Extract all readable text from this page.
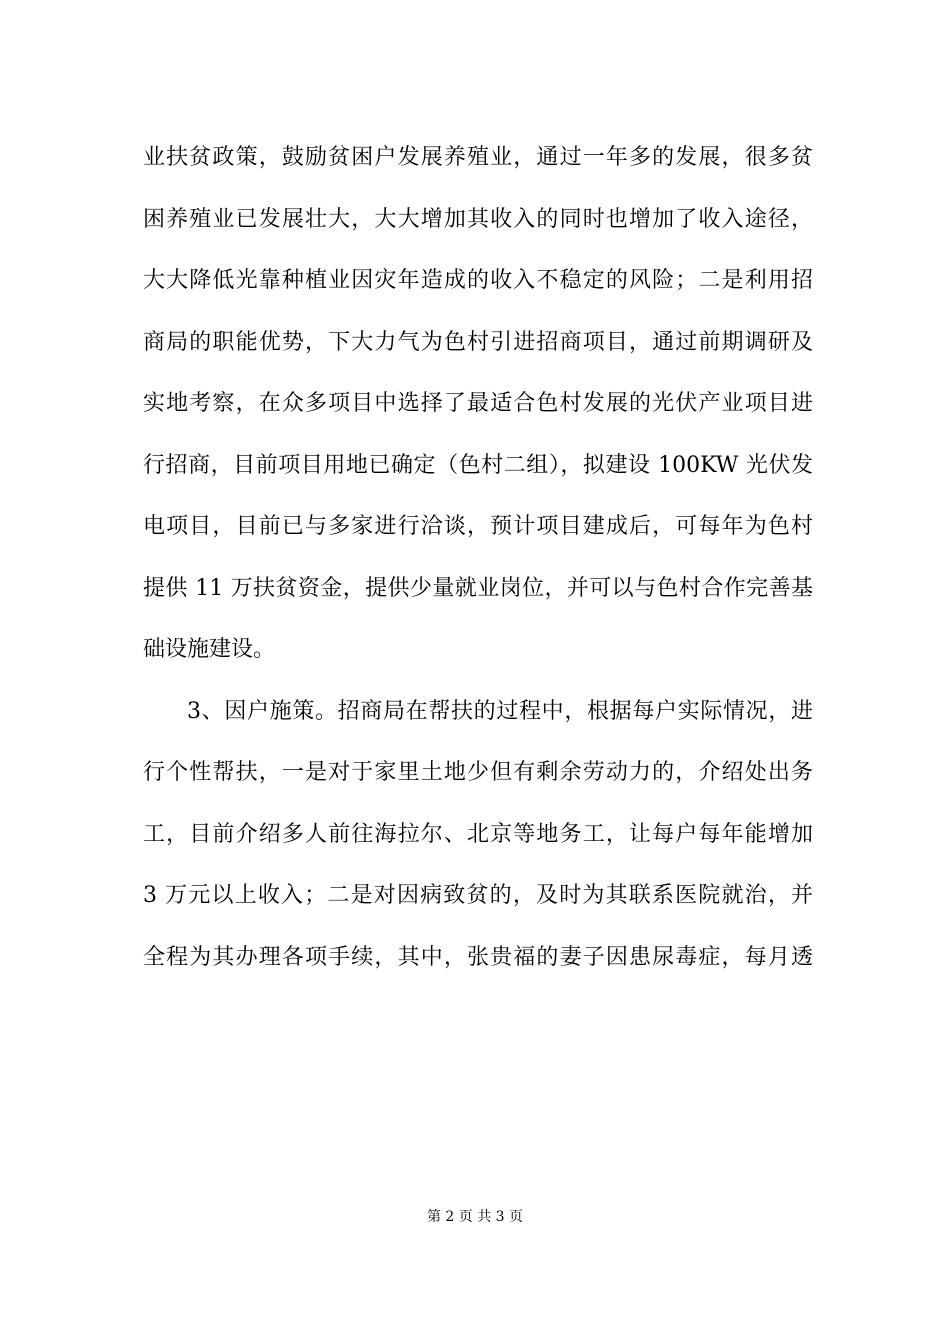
业扶贫政策，鼓励贫困户发展养殖业，通过一年多的发展，很多贫
困养殖业已发展壮大，大大增加其收入的同时也增加了收入途径，
大大降低光靠种植业因灾年造成的收入不稳定的风险；二是利用招
商局的职能优势，下大力气为色村引进招商项目，通过前期调研及
实地考察，在众多项目中选择了最适合色村发展的光伏产业项目进
行招商，目前项目用地已确定（色村二组），拟建设 100KW 光伏发
电项目，目前已与多家进行洽谈，预计项目建成后，可每年为色村
提供 11 万扶贫资金，提供少量就业岗位，并可以与色村合作完善基
础设施建设。
3、因户施策。招商局在帮扶的过程中，根据每户实际情况，进
行个性帮扶，一是对于家里土地少但有剩余劳动力的，介绍处出务
工，目前介绍多人前往海拉尔、北京等地务工，让每户每年能增加
3 万元以上收入；二是对因病致贫的，及时为其联系医院就治，并
全程为其办理各项手续，其中，张贵福的妻子因患尿毒症，每月透
第 2 页 共 3 页
